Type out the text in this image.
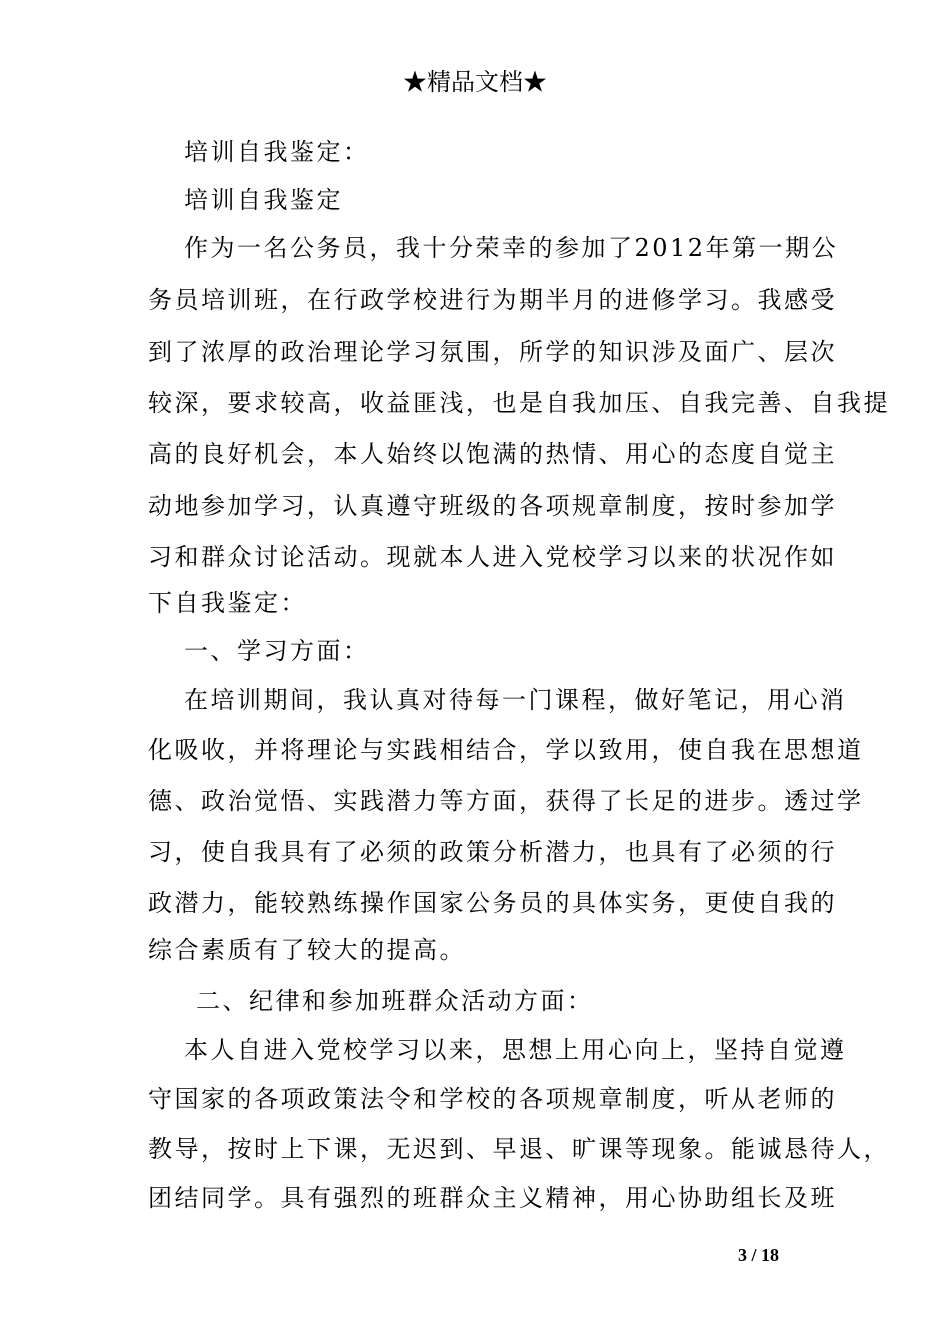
★精品文档★
培训自我鉴定：
培训自我鉴定
作为一名公务员，我十分荣幸的参加了2012年第一期公
务员培训班，在行政学校进行为期半月的进修学习。我感受
到了浓厚的政治理论学习氛围，所学的知识涉及面广、层次
较深，要求较高，收益匪浅，也是自我加压、自我完善、自我提
高的良好机会，本人始终以饱满的热情、用心的态度自觉主
动地参加学习，认真遵守班级的各项规章制度，按时参加学
习和群众讨论活动。现就本人进入党校学习以来的状况作如
下自我鉴定：
一、学习方面：
在培训期间，我认真对待每一门课程，做好笔记，用心消
化吸收，并将理论与实践相结合，学以致用，使自我在思想道
德、政治觉悟、实践潜力等方面，获得了长足的进步。透过学
习，使自我具有了必须的政策分析潜力，也具有了必须的行
政潜力，能较熟练操作国家公务员的具体实务，更使自我的
综合素质有了较大的提高。
二、纪律和参加班群众活动方面：
本人自进入党校学习以来，思想上用心向上，坚持自觉遵
守国家的各项政策法令和学校的各项规章制度，听从老师的
教导，按时上下课，无迟到、早退、旷课等现象。能诚恳待人，
团结同学。具有强烈的班群众主义精神，用心协助组长及班
3 / 18
